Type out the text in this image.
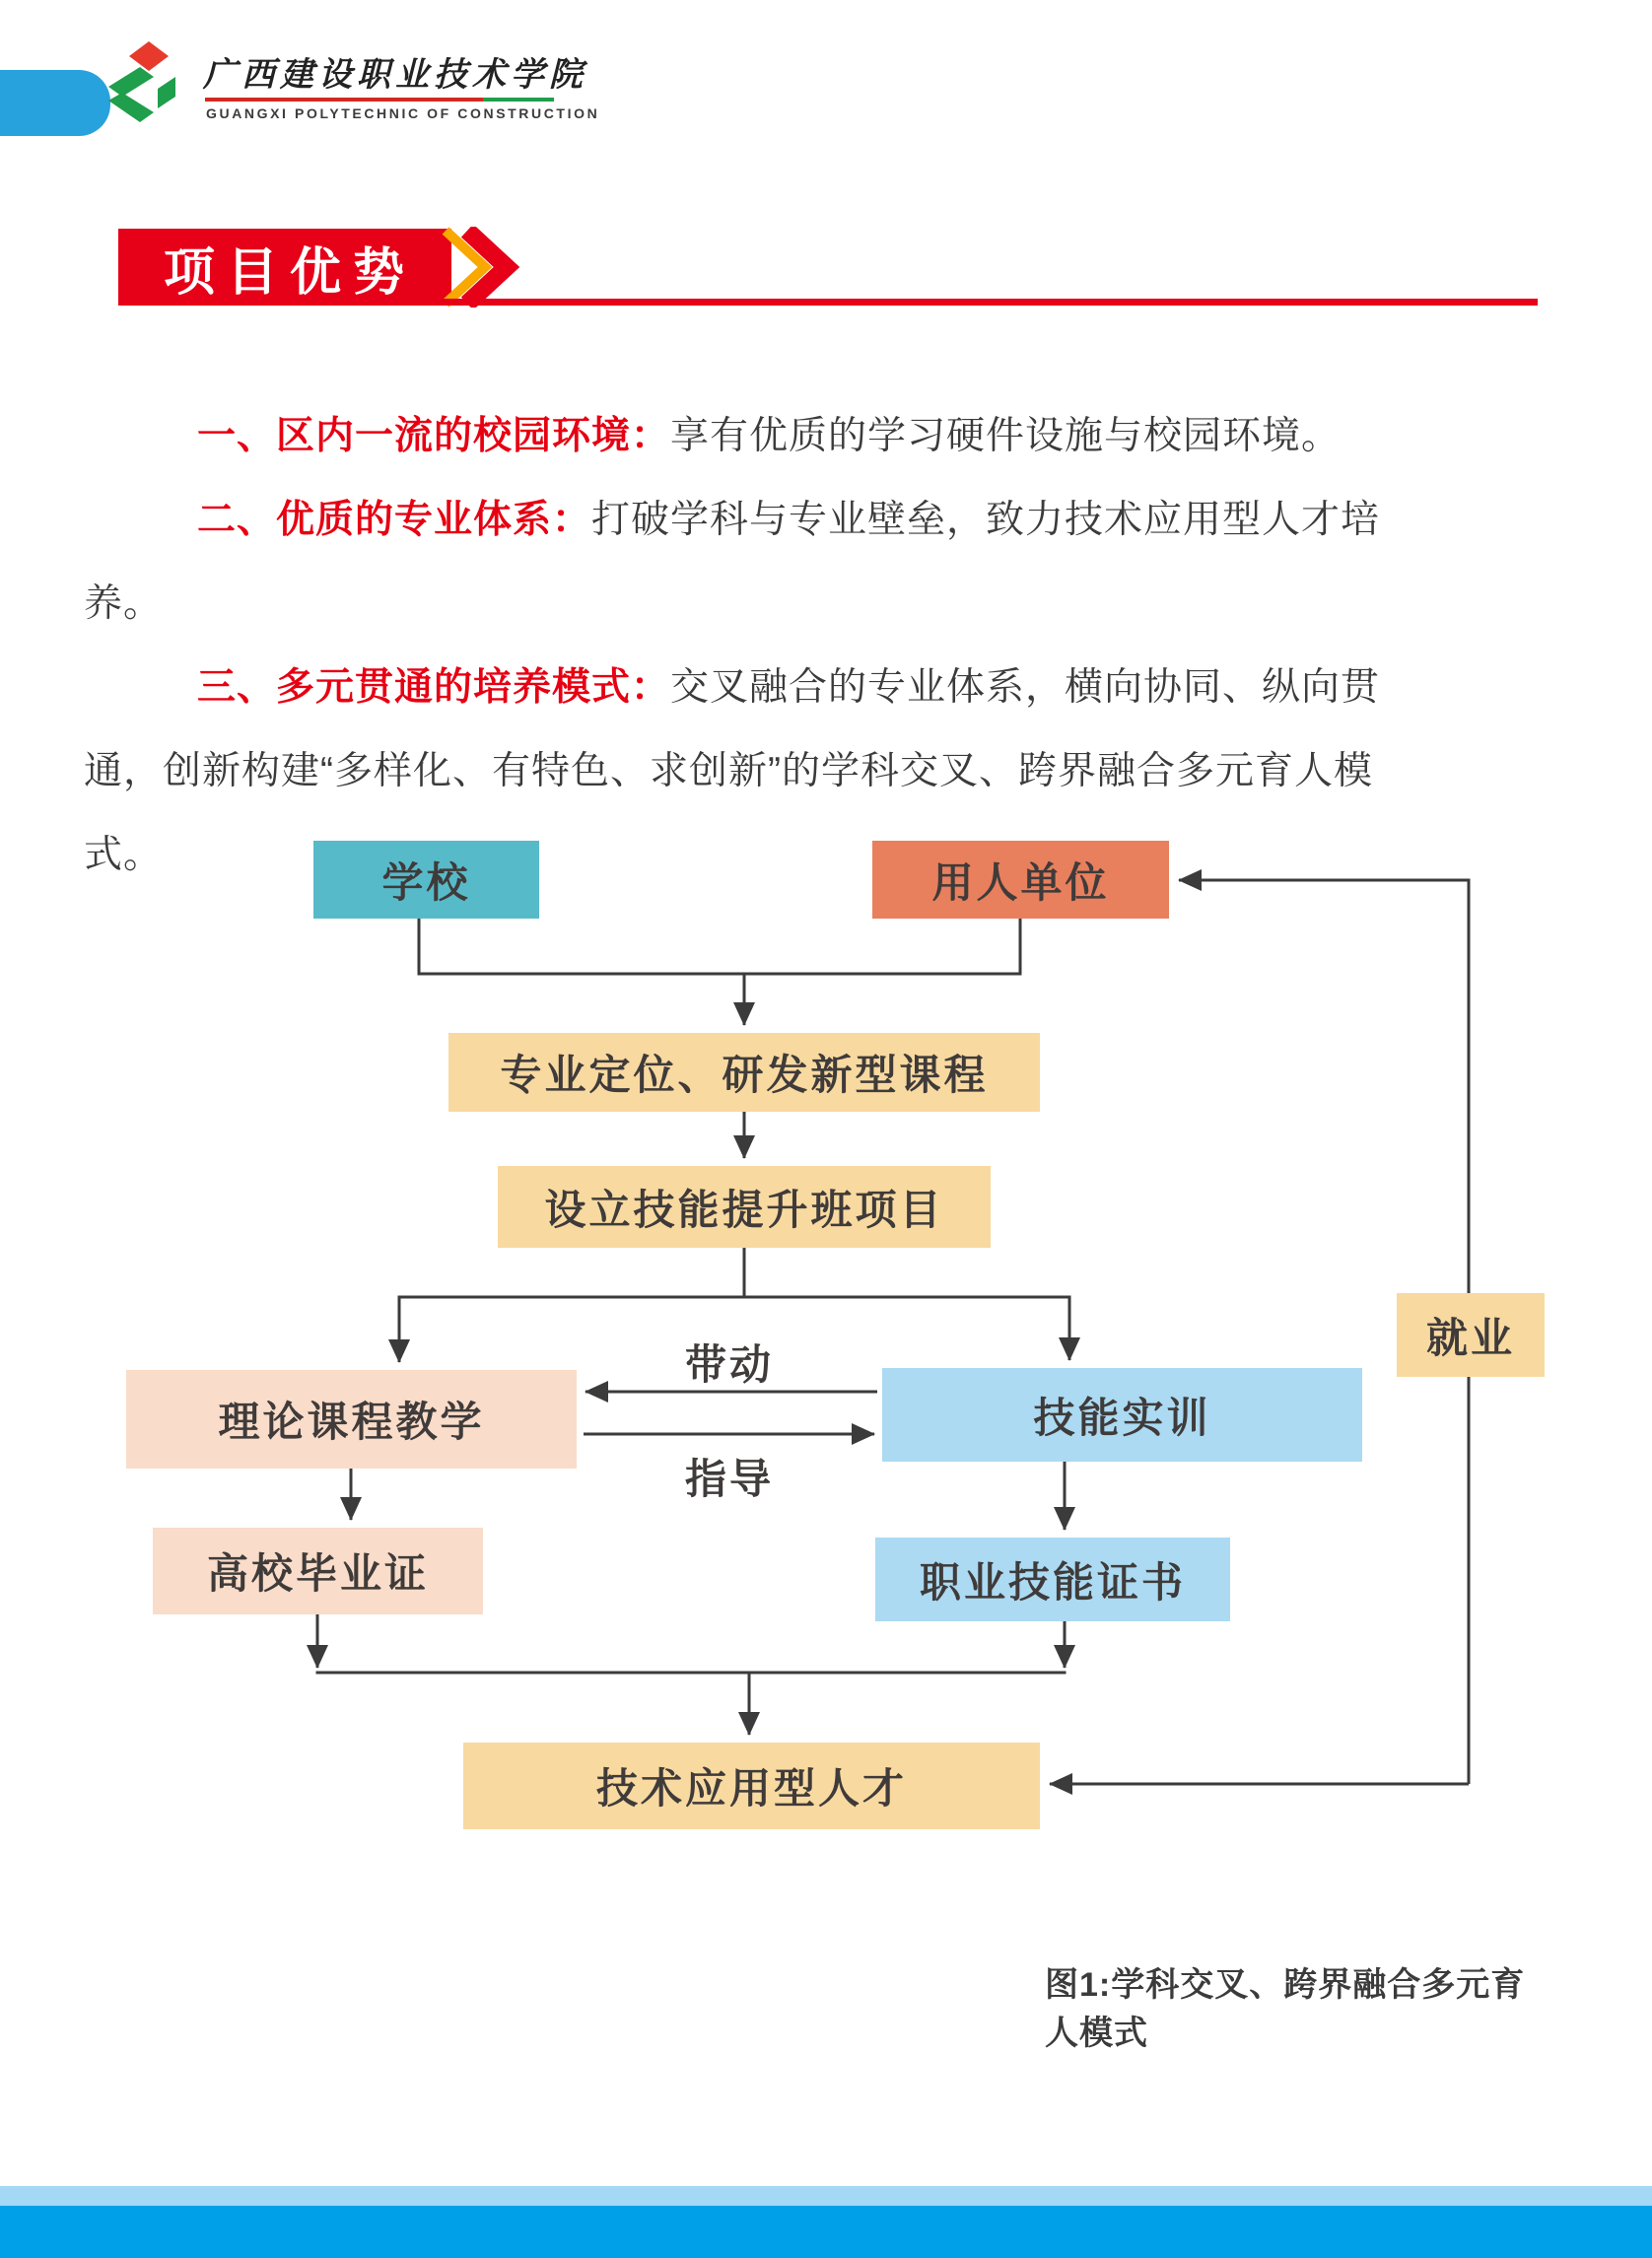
广西建设职业技术学院
GUANGXI POLYTECHNIC OF CONSTRUCTION
项目优势

一、区内一流的校园环境：享有优质的学习硬件设施与校园环境。

二、优质的专业体系：打破学科与专业壁垒，致力技术应用型人才培养。

三、多元贯通的培养模式：交叉融合的专业体系，横向协同、纵向贯通，创新构建“多样化、有特色、求创新”的学科交叉、跨界融合多元育人模式。

学校	用人单位
专业定位、研发新型课程
设立技能提升班项目
理论课程教学	技能实训
高校毕业证	职业技能证书
技术应用型人才
就业
带动
指导
图1:学科交叉、跨界融合多元育人模式
